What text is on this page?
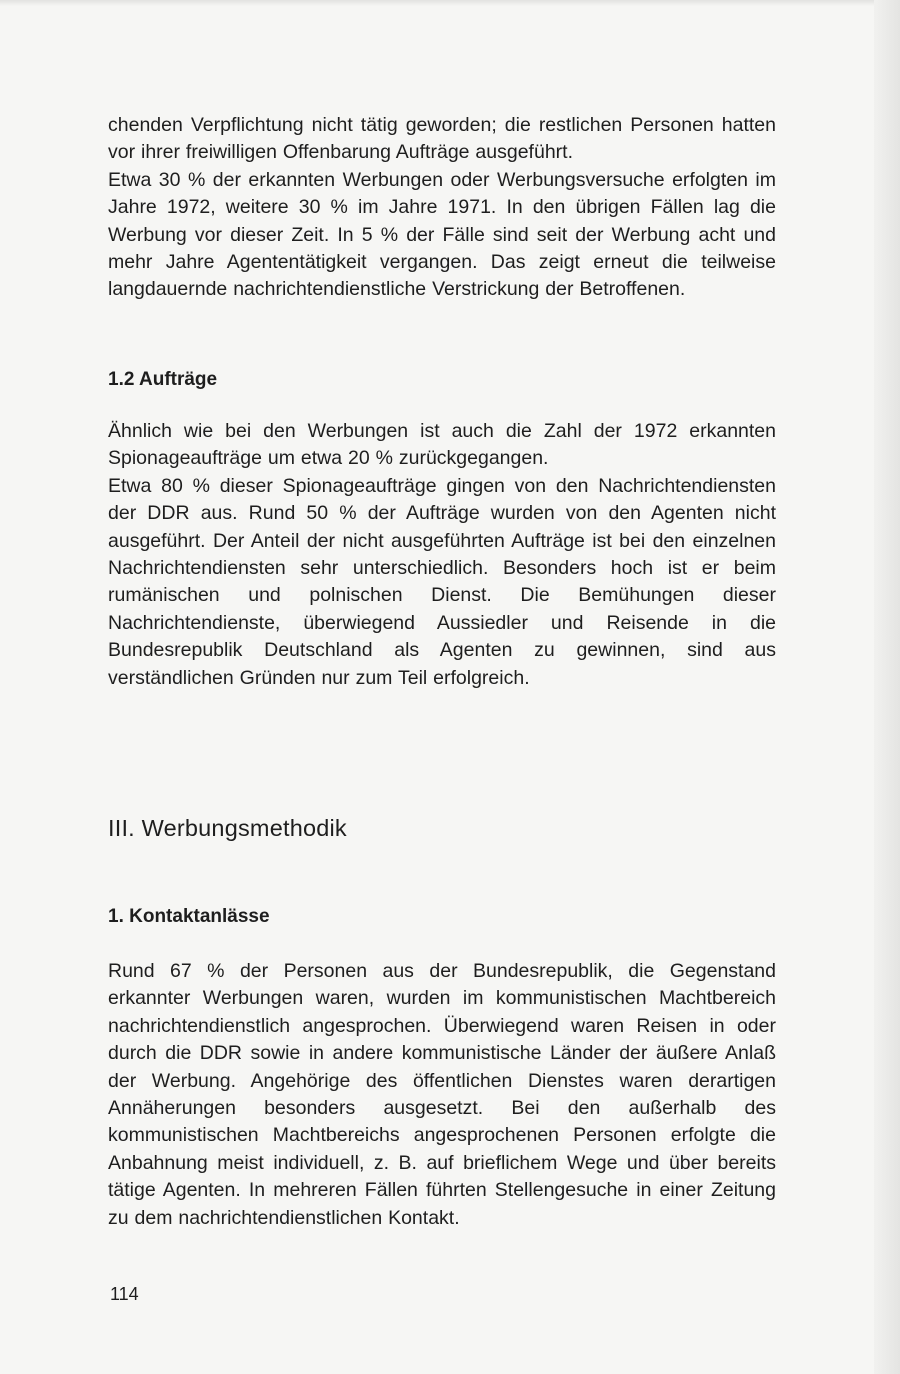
chenden Verpflichtung nicht tätig geworden; die restlichen Personen hatten vor ihrer freiwilligen Offenbarung Aufträge ausgeführt.

Etwa 30 % der erkannten Werbungen oder Werbungsversuche erfolgten im Jahre 1972, weitere 30 % im Jahre 1971. In den übrigen Fällen lag die Werbung vor dieser Zeit. In 5 % der Fälle sind seit der Werbung acht und mehr Jahre Agententätigkeit vergangen. Das zeigt erneut die teilweise langdauernde nachrichtendienstliche Verstrickung der Betroffenen.

1.2 Aufträge

Ähnlich wie bei den Werbungen ist auch die Zahl der 1972 erkannten Spionageaufträge um etwa 20 % zurückgegangen.

Etwa 80 % dieser Spionageaufträge gingen von den Nachrichtendiensten der DDR aus. Rund 50 % der Aufträge wurden von den Agenten nicht ausgeführt. Der Anteil der nicht ausgeführten Aufträge ist bei den einzelnen Nachrichtendiensten sehr unterschiedlich. Besonders hoch ist er beim rumänischen und polnischen Dienst. Die Bemühungen dieser Nachrichtendienste, überwiegend Aussiedler und Reisende in die Bundesrepublik Deutschland als Agenten zu gewinnen, sind aus verständlichen Gründen nur zum Teil erfolgreich.

III. Werbungsmethodik
1. Kontaktanlässe

Rund 67 % der Personen aus der Bundesrepublik, die Gegenstand erkannter Werbungen waren, wurden im kommunistischen Machtbereich nachrichtendienstlich angesprochen. Überwiegend waren Reisen in oder durch die DDR sowie in andere kommunistische Länder der äußere Anlaß der Werbung. Angehörige des öffentlichen Dienstes waren derartigen Annäherungen besonders ausgesetzt. Bei den außerhalb des kommunistischen Machtbereichs angesprochenen Personen erfolgte die Anbahnung meist individuell, z. B. auf brieflichem Wege und über bereits tätige Agenten. In mehreren Fällen führten Stellengesuche in einer Zeitung zu dem nachrichtendienstlichen Kontakt.

114
